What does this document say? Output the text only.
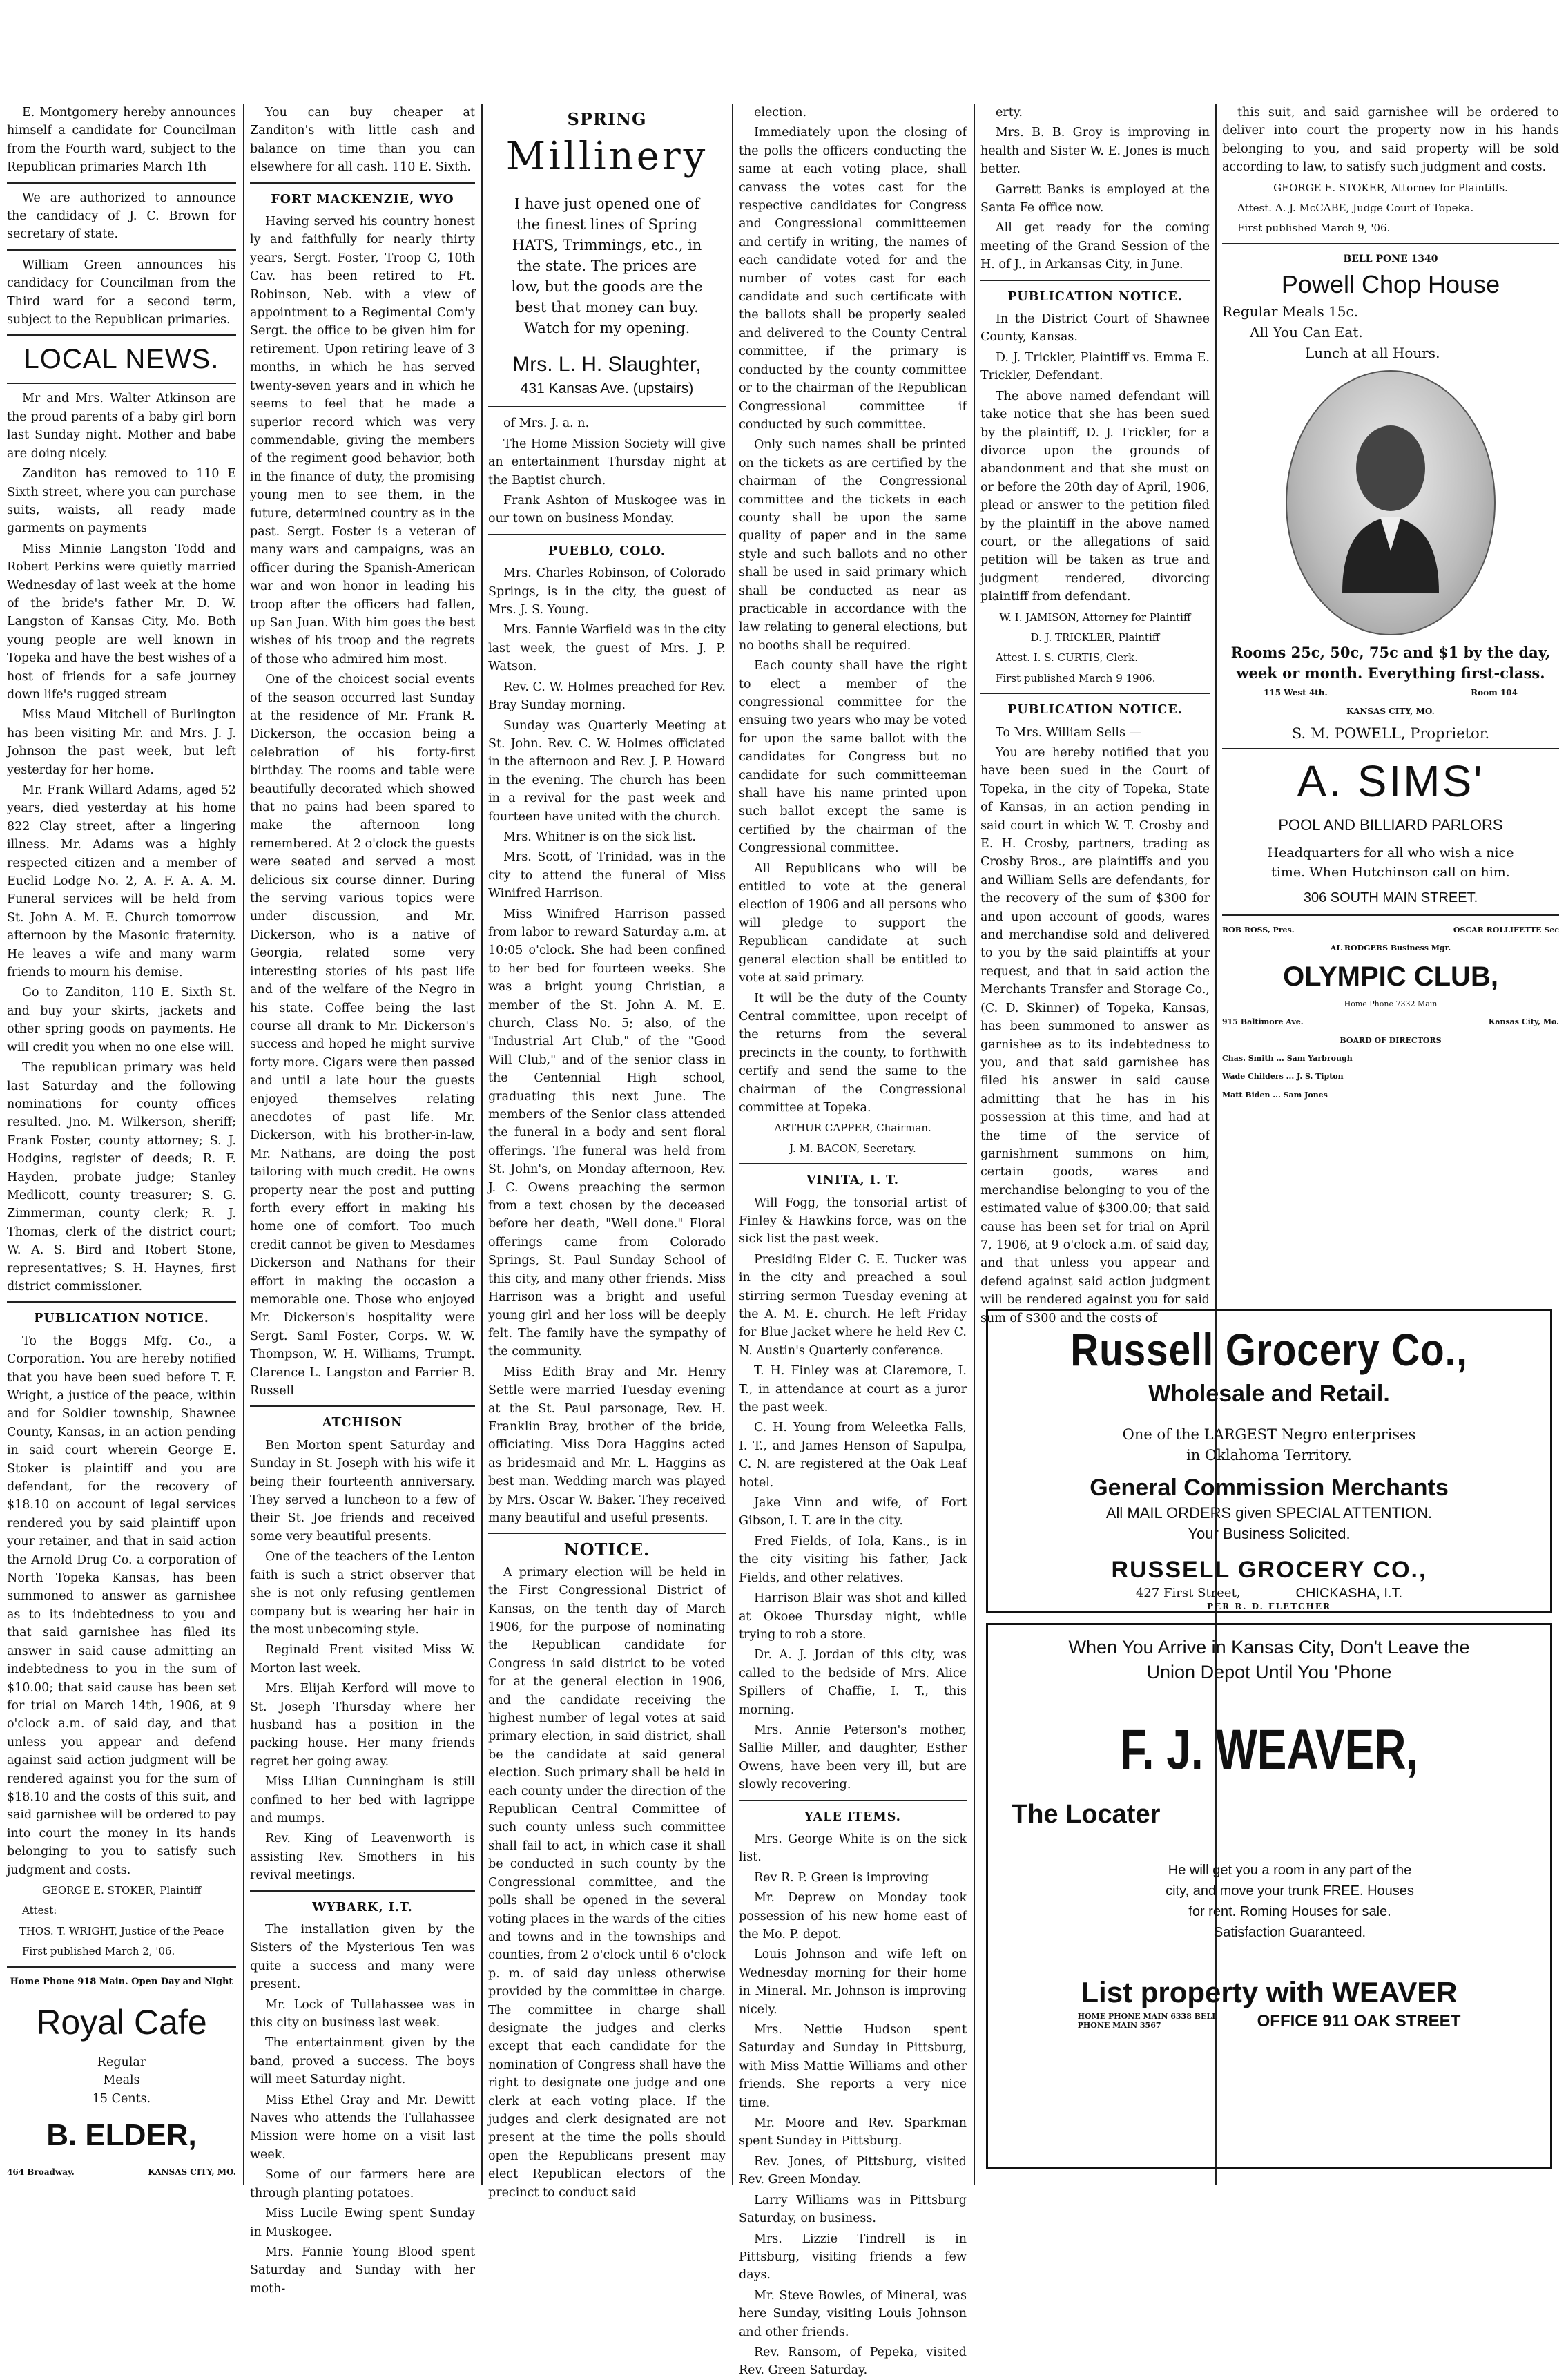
E. Montgomery hereby announces himself a candidate for Councilman from the Fourth ward, subject to the Republican primaries March 1th

We are authorized to announce the candidacy of J. C. Brown for secretary of state.

William Green announces his candidacy for Councilman from the Third ward for a second term, subject to the Republican primaries.

LOCAL NEWS.

Mr and Mrs. Walter Atkinson are the proud parents of a baby girl born last Sunday night. Mother and babe are doing nicely.

Zanditon has removed to 110 E Sixth street, where you can purchase suits, waists, all ready made garments on payments

Miss Minnie Langston Todd and Robert Perkins were quietly married Wednesday of last week at the home of the bride's father Mr. D. W. Langston of Kansas City, Mo. Both young people are well known in Topeka and have the best wishes of a host of friends for a safe journey down life's rugged stream

Miss Maud Mitchell of Burlington has been visiting Mr. and Mrs. J. J. Johnson the past week, but left yesterday for her home.

Mr. Frank Willard Adams, aged 52 years, died yesterday at his home 822 Clay street, after a lingering illness. Mr. Adams was a highly respected citizen and a member of Euclid Lodge No. 2, A. F. A. A. M. Funeral services will be held from St. John A. M. E. Church tomorrow afternoon by the Masonic fraternity. He leaves a wife and many warm friends to mourn his demise.

Go to Zanditon, 110 E. Sixth St. and buy your skirts, jackets and other spring goods on payments. He will credit you when no one else will.

The republican primary was held last Saturday and the following nominations for county offices resulted. Jno. M. Wilkerson, sheriff; Frank Foster, county attorney; S. J. Hodgins, register of deeds; R. F. Hayden, probate judge; Stanley Medlicott, county treasurer; S. G. Zimmerman, county clerk; R. J. Thomas, clerk of the district court; W. A. S. Bird and Robert Stone, representatives; S. H. Haynes, first district commissioner.

PUBLICATION NOTICE.

To the Boggs Mfg. Co., a Corporation. You are hereby notified that you have been sued before T. F. Wright, a justice of the peace, within and for Soldier township, Shawnee County, Kansas, in an action pending in said court wherein George E. Stoker is plaintiff and you are defendant, for the recovery of $18.10 on account of legal services rendered you by said plaintiff upon your retainer, and that in said action the Arnold Drug Co. a corporation of North Topeka Kansas, has been summoned to answer as garnishee as to its indebtedness to you and that said garnishee has filed its answer in said cause admitting an indebtedness to you in the sum of $10.00; that said cause has been set for trial on March 14th, 1906, at 9 o'clock a.m. of said day, and that unless you appear and defend against said action judgment will be rendered against you for the sum of $18.10 and the costs of this suit, and said garnishee will be ordered to pay into court the money in its hands belonging to you to satisfy such judgment and costs.

GEORGE E. STOKER, Plaintiff

Attest:

THOS. T. WRIGHT, Justice of the Peace

First published March 2, '06.

Home Phone 918 Main. Open Day and Night
Royal Cafe
Regular
Meals
15 Cents.
B. ELDER,
464 Broadway.	KANSAS CITY, MO.

You can buy cheaper at Zanditon's with little cash and balance on time than you can elsewhere for all cash. 110 E. Sixth.

FORT MACKENZIE, WYO

Having served his country honest ly and faithfully for nearly thirty years, Sergt. Foster, Troop G, 10th Cav. has been retired to Ft. Robinson, Neb. with a view of appointment to a Regimental Com'y Sergt. the office to be given him for retirement. Upon retiring leave of 3 months, in which he has served twenty-seven years and in which he seems to feel that he made a superior record which was very commendable, giving the members of the regiment good behavior, both in the finance of duty, the promising young men to see them, in the future, determined country as in the past. Sergt. Foster is a veteran of many wars and campaigns, was an officer during the Spanish-American war and won honor in leading his troop after the officers had fallen, up San Juan. With him goes the best wishes of his troop and the regrets of those who admired him most.

One of the choicest social events of the season occurred last Sunday at the residence of Mr. Frank R. Dickerson, the occasion being a celebration of his forty-first birthday. The rooms and table were beautifully decorated which showed that no pains had been spared to make the afternoon long remembered. At 2 o'clock the guests were seated and served a most delicious six course dinner. During the serving various topics were under discussion, and Mr. Dickerson, who is a native of Georgia, related some very interesting stories of his past life and of the welfare of the Negro in his state. Coffee being the last course all drank to Mr. Dickerson's success and hoped he might survive forty more. Cigars were then passed and until a late hour the guests enjoyed themselves relating anecdotes of past life. Mr. Dickerson, with his brother-in-law, Mr. Nathans, are doing the post tailoring with much credit. He owns property near the post and putting forth every effort in making his home one of comfort. Too much credit cannot be given to Mesdames Dickerson and Nathans for their effort in making the occasion a memorable one. Those who enjoyed Mr. Dickerson's hospitality were Sergt. Saml Foster, Corps. W. W. Thompson, W. H. Williams, Trumpt. Clarence L. Langston and Farrier B. Russell

ATCHISON

Ben Morton spent Saturday and Sunday in St. Joseph with his wife it being their fourteenth anniversary. They served a luncheon to a few of their St. Joe friends and received some very beautiful presents.

One of the teachers of the Lenton faith is such a strict observer that she is not only refusing gentlemen company but is wearing her hair in the most unbecoming style.

Reginald Frent visited Miss W. Morton last week.

Mrs. Elijah Kerford will move to St. Joseph Thursday where her husband has a position in the packing house. Her many friends regret her going away.

Miss Lilian Cunningham is still confined to her bed with lagrippe and mumps.

Rev. King of Leavenworth is assisting Rev. Smothers in his revival meetings.

WYBARK, I.T.

The installation given by the Sisters of the Mysterious Ten was quite a success and many were present.

Mr. Lock of Tullahassee was in this city on business last week.

The entertainment given by the band, proved a success. The boys will meet Saturday night.

Miss Ethel Gray and Mr. Dewitt Naves who attends the Tullahassee Mission were home on a visit last week.

Some of our farmers here are through planting potatoes.

Miss Lucile Ewing spent Sunday in Muskogee.

Mrs. Fannie Young Blood spent Saturday and Sunday with her moth-

SPRING
Millinery
I have just opened one of the finest lines of Spring HATS, Trimmings, etc., in the state. The prices are low, but the goods are the best that money can buy. Watch for my opening.
Mrs. L. H. Slaughter,
431 Kansas Ave. (upstairs)

of Mrs. J. a. n.

The Home Mission Society will give an entertainment Thursday night at the Baptist church.

Frank Ashton of Muskogee was in our town on business Monday.

PUEBLO, COLO.

Mrs. Charles Robinson, of Colorado Springs, is in the city, the guest of Mrs. J. S. Young.

Mrs. Fannie Warfield was in the city last week, the guest of Mrs. J. P. Watson.

Rev. C. W. Holmes preached for Rev. Bray Sunday morning.

Sunday was Quarterly Meeting at St. John. Rev. C. W. Holmes officiated in the afternoon and Rev. J. P. Howard in the evening. The church has been in a revival for the past week and fourteen have united with the church.

Mrs. Whitner is on the sick list.

Mrs. Scott, of Trinidad, was in the city to attend the funeral of Miss Winifred Harrison.

Miss Winifred Harrison passed from labor to reward Saturday a.m. at 10:05 o'clock. She had been confined to her bed for fourteen weeks. She was a bright young Christian, a member of the St. John A. M. E. church, Class No. 5; also, of the "Industrial Art Club," of the "Good Will Club," and of the senior class in the Centennial High school, graduating this next June. The members of the Senior class attended the funeral in a body and sent floral offerings. The funeral was held from St. John's, on Monday afternoon, Rev. J. C. Owens preaching the sermon from a text chosen by the deceased before her death, "Well done." Floral offerings came from Colorado Springs, St. Paul Sunday School of this city, and many other friends. Miss Harrison was a bright and useful young girl and her loss will be deeply felt. The family have the sympathy of the community.

Miss Edith Bray and Mr. Henry Settle were married Tuesday evening at the St. Paul parsonage, Rev. H. Franklin Bray, brother of the bride, officiating. Miss Dora Haggins acted as bridesmaid and Mr. L. Haggins as best man. Wedding march was played by Mrs. Oscar W. Baker. They received many beautiful and useful presents.

NOTICE.

A primary election will be held in the First Congressional District of Kansas, on the tenth day of March 1906, for the purpose of nominating the Republican candidate for Congress in said district to be voted for at the general election in 1906, and the candidate receiving the highest number of legal votes at said primary election, in said district, shall be the candidate at said general election. Such primary shall be held in each county under the direction of the Republican Central Committee of such county unless such committee shall fail to act, in which case it shall be conducted in such county by the Congressional committee, and the polls shall be opened in the several voting places in the wards of the cities and towns and in the townships and counties, from 2 o'clock until 6 o'clock p. m. of said day unless otherwise provided by the committee in charge. The committee in charge shall designate the judges and clerks except that each candidate for the nomination of Congress shall have the right to designate one judge and one clerk at each voting place. If the judges and clerk designated are not present at the time the polls should open the Republicans present may elect Republican electors of the precinct to conduct said

election.

Immediately upon the closing of the polls the officers conducting the same at each voting place, shall canvass the votes cast for the respective candidates for Congress and Congressional committeemen and certify in writing, the names of each candidate voted for and the number of votes cast for each candidate and such certificate with the ballots shall be properly sealed and delivered to the County Central committee, if the primary is conducted by the county committee or to the chairman of the Republican Congressional committee if conducted by such committee.

Only such names shall be printed on the tickets as are certified by the chairman of the Congressional committee and the tickets in each county shall be upon the same quality of paper and in the same style and such ballots and no other shall be used in said primary which shall be conducted as near as practicable in accordance with the law relating to general elections, but no booths shall be required.

Each county shall have the right to elect a member of the congressional committee for the ensuing two years who may be voted for upon the same ballot with the candidates for Congress but no candidate for such committeeman shall have his name printed upon such ballot except the same is certified by the chairman of the Congressional committee.

All Republicans who will be entitled to vote at the general election of 1906 and all persons who will pledge to support the Republican candidate at such general election shall be entitled to vote at said primary.

It will be the duty of the County Central committee, upon receipt of the returns from the several precincts in the county, to forthwith certify and send the same to the chairman of the Congressional committee at Topeka.

ARTHUR CAPPER, Chairman.

J. M. BACON, Secretary.

VINITA, I. T.

Will Fogg, the tonsorial artist of Finley & Hawkins force, was on the sick list the past week.

Presiding Elder C. E. Tucker was in the city and preached a soul stirring sermon Tuesday evening at the A. M. E. church. He left Friday for Blue Jacket where he held Rev C. N. Austin's Quarterly conference.

T. H. Finley was at Claremore, I. T., in attendance at court as a juror the past week.

C. H. Young from Weleetka Falls, I. T., and James Henson of Sapulpa, C. N. are registered at the Oak Leaf hotel.

Jake Vinn and wife, of Fort Gibson, I. T. are in the city.

Fred Fields, of Iola, Kans., is in the city visiting his father, Jack Fields, and other relatives.

Harrison Blair was shot and killed at Okoee Thursday night, while trying to rob a store.

Dr. A. J. Jordan of this city, was called to the bedside of Mrs. Alice Spillers of Chaffie, I. T., this morning.

Mrs. Annie Peterson's mother, Sallie Miller, and daughter, Esther Owens, have been very ill, but are slowly recovering.

YALE ITEMS.

Mrs. George White is on the sick list.

Rev R. P. Green is improving

Mr. Deprew on Monday took possession of his new home east of the Mo. P. depot.

Louis Johnson and wife left on Wednesday morning for their home in Mineral. Mr. Johnson is improving nicely.

Mrs. Nettie Hudson spent Saturday and Sunday in Pittsburg, with Miss Mattie Williams and other friends. She reports a very nice time.

Mr. Moore and Rev. Sparkman spent Sunday in Pittsburg.

Rev. Jones, of Pittsburg, visited Rev. Green Monday.

Larry Williams was in Pittsburg Saturday, on business.

Mrs. Lizzie Tindrell is in Pittsburg, visiting friends a few days.

Mr. Steve Bowles, of Mineral, was here Sunday, visiting Louis Johnson and other friends.

Rev. Ransom, of Pepeka, visited Rev. Green Saturday.

erty.

Mrs. B. B. Groy is improving in health and Sister W. E. Jones is much better.

Garrett Banks is employed at the Santa Fe office now.

All get ready for the coming meeting of the Grand Session of the H. of J., in Arkansas City, in June.

PUBLICATION NOTICE.

In the District Court of Shawnee County, Kansas.

D. J. Trickler, Plaintiff vs. Emma E. Trickler, Defendant.

The above named defendant will take notice that she has been sued by the plaintiff, D. J. Trickler, for a divorce upon the grounds of abandonment and that she must on or before the 20th day of April, 1906, plead or answer to the petition filed by the plaintiff in the above named court, or the allegations of said petition will be taken as true and judgment rendered, divorcing plaintiff from defendant.

W. I. JAMISON, Attorney for Plaintiff

D. J. TRICKLER, Plaintiff

Attest. I. S. CURTIS, Clerk.

First published March 9 1906.

PUBLICATION NOTICE.

To Mrs. William Sells —

You are hereby notified that you have been sued in the Court of Topeka, in the city of Topeka, State of Kansas, in an action pending in said court in which W. T. Crosby and E. H. Crosby, partners, trading as Crosby Bros., are plaintiffs and you and William Sells are defendants, for the recovery of the sum of $300 for and upon account of goods, wares and merchandise sold and delivered to you by the said plaintiffs at your request, and that in said action the Merchants Transfer and Storage Co., (C. D. Skinner) of Topeka, Kansas, has been summoned to answer as garnishee as to its indebtedness to you, and that said garnishee has filed his answer in said cause admitting that he has in his possession at this time, and had at the time of the service of garnishment summons on him, certain goods, wares and merchandise belonging to you of the estimated value of $300.00; that said cause has been set for trial on April 7, 1906, at 9 o'clock a.m. of said day, and that unless you appear and defend against said action judgment will be rendered against you for said sum of $300 and the costs of

this suit, and said garnishee will be ordered to deliver into court the property now in his hands belonging to you, and said property will be sold according to law, to satisfy such judgment and costs.

GEORGE E. STOKER, Attorney for Plaintiffs.

Attest. A. J. McCABE, Judge Court of Topeka.

First published March 9, '06.

BELL PONE 1340
Powell Chop House
Regular Meals 15c.
All You Can Eat.
Lunch at all Hours.
Rooms 25c, 50c, 75c and $1 by the day, week or month. Everything first-class.
115 West 4th.	Room 104
KANSAS CITY, MO.
S. M. POWELL, Proprietor.
A. SIMS'
POOL AND BILLIARD PARLORS
Headquarters for all who wish a nice time. When Hutchinson call on him.
306 SOUTH MAIN STREET.
ROB ROSS, Pres.	OSCAR ROLLIFETTE Sec
AL RODGERS Business Mgr.
OLYMPIC CLUB,
Home Phone 7332 Main
915 Baltimore Ave.	Kansas City, Mo.
BOARD OF DIRECTORS
Chas. Smith ... Sam Yarbrough
Wade Childers ... J. S. Tipton
Matt Biden ... Sam Jones
Russell Grocery Co.,
Wholesale and Retail.
One of the LARGEST Negro enterprises in Oklahoma Territory.
General Commission Merchants
All MAIL ORDERS given SPECIAL ATTENTION. Your Business Solicited.
RUSSELL GROCERY CO.,
427 First Street,	CHICKASHA, I.T.
PER R. D. FLETCHER
When You Arrive in Kansas City, Don't Leave the Union Depot Until You 'Phone
F. J. WEAVER,
The Locater
He will get you a room in any part of the city, and move your trunk FREE. Houses for rent. Roming Houses for sale. Satisfaction Guaranteed.
List property with WEAVER
HOME PHONE MAIN 6338 BELL PHONE MAIN 3567	OFFICE 911 OAK STREET
